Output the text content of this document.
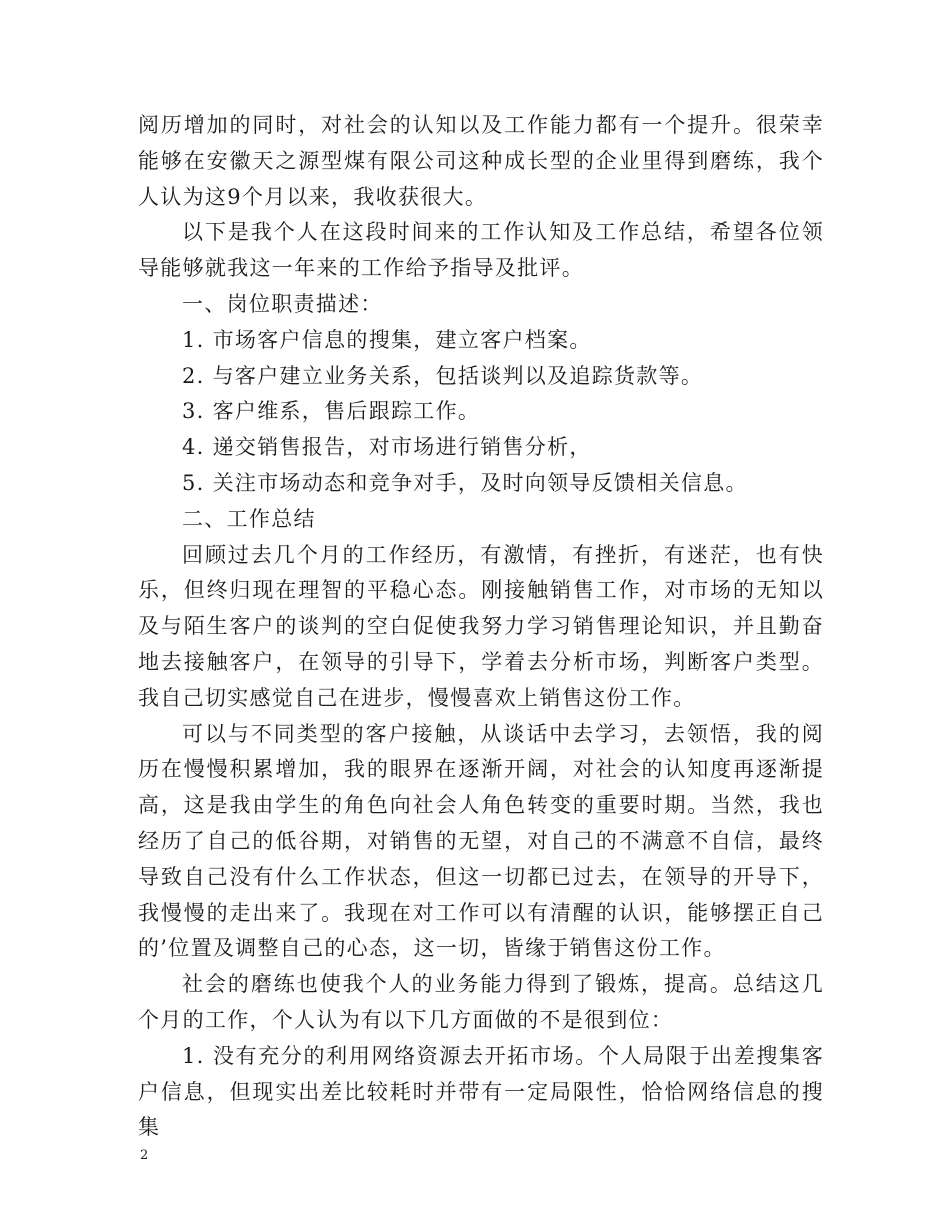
阅历增加的同时，对社会的认知以及工作能力都有一个提升。很荣幸能够在安徽天之源型煤有限公司这种成长型的企业里得到磨练，我个人认为这9个月以来，我收获很大。

以下是我个人在这段时间来的工作认知及工作总结，希望各位领导能够就我这一年来的工作给予指导及批评。

一、岗位职责描述：

1. 市场客户信息的搜集，建立客户档案。

2. 与客户建立业务关系，包括谈判以及追踪货款等。

3. 客户维系，售后跟踪工作。

4. 递交销售报告，对市场进行销售分析，

5. 关注市场动态和竞争对手，及时向领导反馈相关信息。

二、工作总结

回顾过去几个月的工作经历，有激情，有挫折，有迷茫，也有快乐，但终归现在理智的平稳心态。刚接触销售工作，对市场的无知以及与陌生客户的谈判的空白促使我努力学习销售理论知识，并且勤奋地去接触客户，在领导的引导下，学着去分析市场，判断客户类型。我自己切实感觉自己在进步，慢慢喜欢上销售这份工作。

可以与不同类型的客户接触，从谈话中去学习，去领悟，我的阅历在慢慢积累增加，我的眼界在逐渐开阔，对社会的认知度再逐渐提高，这是我由学生的角色向社会人角色转变的重要时期。当然，我也经历了自己的低谷期，对销售的无望，对自己的不满意不自信，最终导致自己没有什么工作状态，但这一切都已过去，在领导的开导下，我慢慢的走出来了。我现在对工作可以有清醒的认识，能够摆正自己的’位置及调整自己的心态，这一切，皆缘于销售这份工作。

社会的磨练也使我个人的业务能力得到了锻炼，提高。总结这几个月的工作，个人认为有以下几方面做的不是很到位：

1. 没有充分的利用网络资源去开拓市场。个人局限于出差搜集客户信息，但现实出差比较耗时并带有一定局限性，恰恰网络信息的搜集

2
